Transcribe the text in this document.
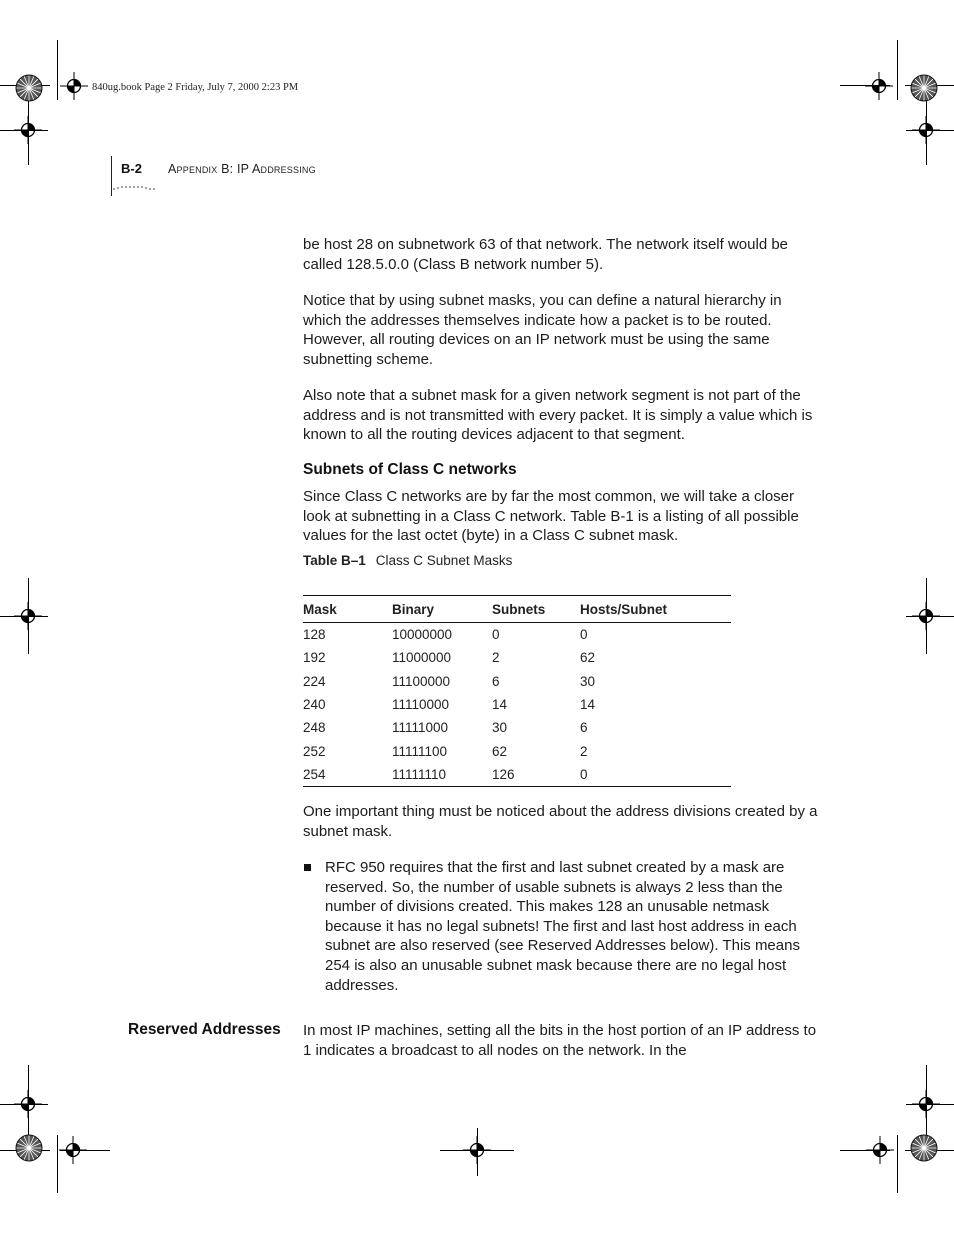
840ug.book Page 2 Friday, July 7, 2000 2:23 PM
B-2 Appendix B: IP Addressing
be host 28 on subnetwork 63 of that network. The network itself would be called 128.5.0.0 (Class B network number 5).
Notice that by using subnet masks, you can define a natural hierarchy in which the addresses themselves indicate how a packet is to be routed. However, all routing devices on an IP network must be using the same subnetting scheme.
Also note that a subnet mask for a given network segment is not part of the address and is not transmitted with every packet. It is simply a value which is known to all the routing devices adjacent to that segment.
Subnets of Class C networks
Since Class C networks are by far the most common, we will take a closer look at subnetting in a Class C network. Table B-1 is a listing of all possible values for the last octet (byte) in a Class C subnet mask.
Table B–1 Class C Subnet Masks
Mask	Binary	Subnets	Hosts/Subnet
128	10000000	0	0
192	11000000	2	62
224	11100000	6	30
240	11110000	14	14
248	11111000	30	6
252	11111100	62	2
254	11111110	126	0
One important thing must be noticed about the address divisions created by a subnet mask.
RFC 950 requires that the first and last subnet created by a mask are reserved. So, the number of usable subnets is always 2 less than the number of divisions created. This makes 128 an unusable netmask because it has no legal subnets! The first and last host address in each subnet are also reserved (see Reserved Addresses below). This means 254 is also an unusable subnet mask because there are no legal host addresses.
Reserved Addresses In most IP machines, setting all the bits in the host portion of an IP address to 1 indicates a broadcast to all nodes on the network. In the
